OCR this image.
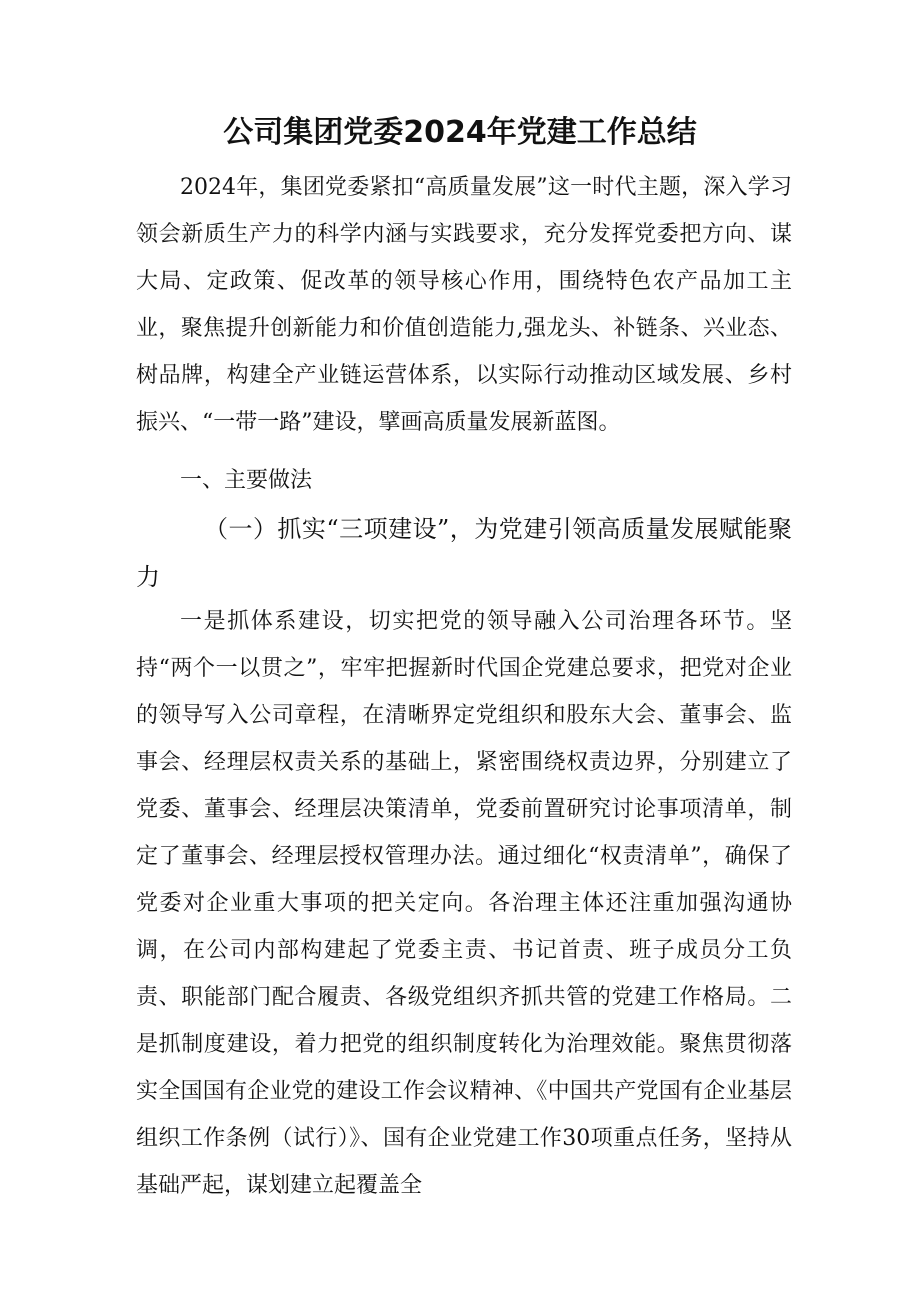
公司集团党委2024年党建工作总结

2024年，集团党委紧扣“高质量发展”这一时代主题，深入学习领会新质生产力的科学内涵与实践要求，充分发挥党委把方向、谋大局、定政策、促改革的领导核心作用，围绕特色农产品加工主业，聚焦提升创新能力和价值创造能力,强龙头、补链条、兴业态、树品牌，构建全产业链运营体系，以实际行动推动区域发展、乡村振兴、“一带一路”建设，擘画高质量发展新蓝图。

一、主要做法

（一）抓实“三项建设”，为党建引领高质量发展赋能聚力

一是抓体系建设，切实把党的领导融入公司治理各环节。坚持“两个一以贯之”，牢牢把握新时代国企党建总要求，把党对企业的领导写入公司章程，在清晰界定党组织和股东大会、董事会、监事会、经理层权责关系的基础上，紧密围绕权责边界，分别建立了党委、董事会、经理层决策清单，党委前置研究讨论事项清单，制定了董事会、经理层授权管理办法。通过细化“权责清单”，确保了党委对企业重大事项的把关定向。各治理主体还注重加强沟通协调，在公司内部构建起了党委主责、书记首责、班子成员分工负责、职能部门配合履责、各级党组织齐抓共管的党建工作格局。二是抓制度建设，着力把党的组织制度转化为治理效能。聚焦贯彻落实全国国有企业党的建设工作会议精神、《中国共产党国有企业基层组织工作条例（试行）》、国有企业党建工作30项重点任务，坚持从基础严起，谋划建立起覆盖全
